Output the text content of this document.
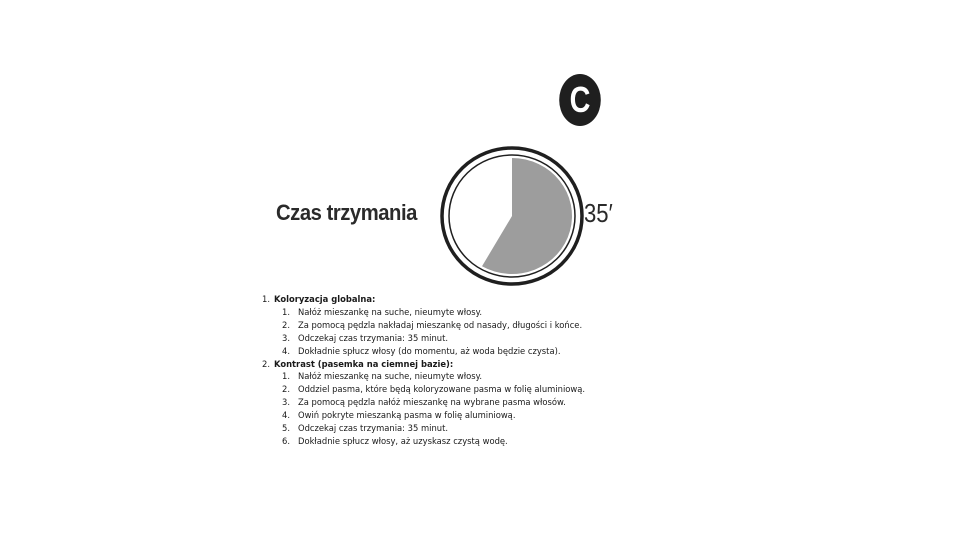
C
Czas trzymania	35′
1. Koloryzacja globalna:
1. Nałóż mieszankę na suche, nieumyte włosy.
2. Za pomocą pędzla nakładaj mieszankę od nasady, długości i końce.
3. Odczekaj czas trzymania: 35 minut.
4. Dokładnie spłucz włosy (do momentu, aż woda będzie czysta).
2. Kontrast (pasemka na ciemnej bazie):
1. Nałóż mieszankę na suche, nieumyte włosy.
2. Oddziel pasma, które będą koloryzowane pasma w folię aluminiową.
3. Za pomocą pędzla nałóż mieszankę na wybrane pasma włosów.
4. Owiń pokryte mieszanką pasma w folię aluminiową.
5. Odczekaj czas trzymania: 35 minut.
6. Dokładnie spłucz włosy, aż uzyskasz czystą wodę.
